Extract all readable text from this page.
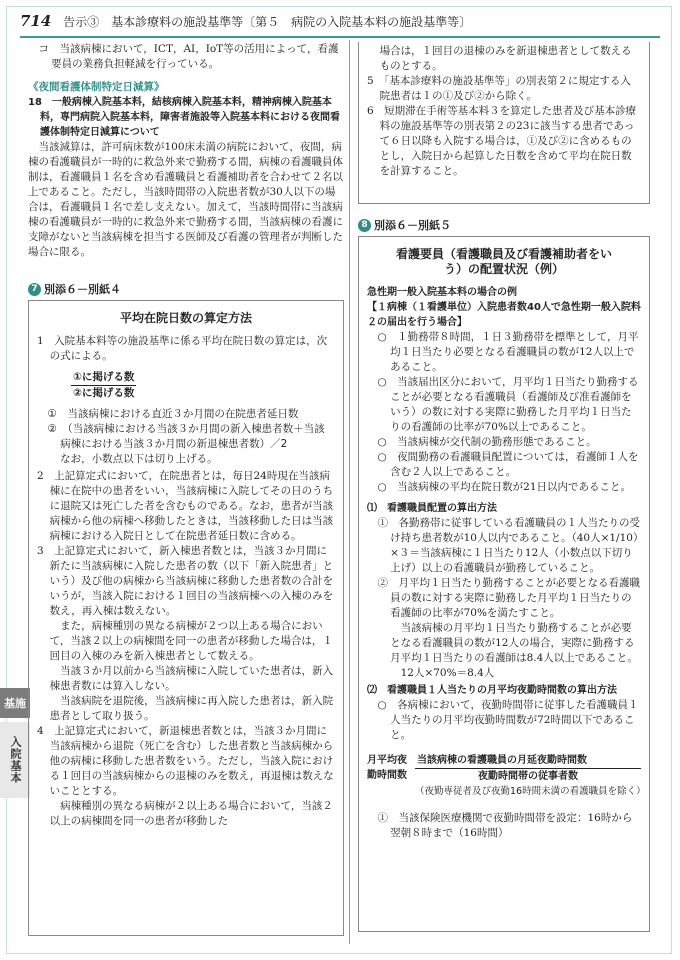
714 告示③　基本診療料の施設基準等〔第５　病院の入院基本料の施設基準等〕
基施
入院基本

コ　当該病棟において，ICT，AI，IoT等の活用によって，看護要員の業務負担軽減を行っている。

《夜間看護体制特定日減算》

18　一般病棟入院基本料，結核病棟入院基本料，精神病棟入院基本料，専門病院入院基本料，障害者施設等入院基本料における夜間看護体制特定日減算について

当該減算は，許可病床数が100床未満の病院において，夜間，病棟の看護職員が一時的に救急外来で勤務する間，病棟の看護職員体制は，看護職員１名を含め看護職員と看護補助者を合わせて２名以上であること。ただし，当該時間帯の入院患者数が30人以下の場合は，看護職員１名で差し支えない。加えて，当該時間帯に当該病棟の看護職員が一時的に救急外来で勤務する間，当該病棟の看護に支障がないと当該病棟を担当する医師及び看護の管理者が判断した場合に限る。

7 別添６－別紙４
平均在院日数の算定方法

1　入院基本料等の施設基準に係る平均在院日数の算定は，次の式による。

①に掲げる数
②に掲げる数

①　当該病棟における直近３か月間の在院患者延日数

②　（当該病棟における当該３か月間の新入棟患者数＋当該病棟における当該３か月間の新退棟患者数）／2

なお，小数点以下は切り上げる。

2　上記算定式において，在院患者とは，毎日24時現在当該病棟に在院中の患者をいい，当該病棟に入院してその日のうちに退院又は死亡した者を含むものである。なお，患者が当該病棟から他の病棟へ移動したときは，当該移動した日は当該病棟における入院日として在院患者延日数に含める。

3　上記算定式において，新入棟患者数とは，当該３か月間に新たに当該病棟に入院した患者の数（以下「新入院患者」という）及び他の病棟から当該病棟に移動した患者数の合計をいうが，当該入院における１回目の当該病棟への入棟のみを数え，再入棟は数えない。

また，病棟種別の異なる病棟が２つ以上ある場合において，当該２以上の病棟間を同一の患者が移動した場合は，１回目の入棟のみを新入棟患者として数える。

当該３か月以前から当該病棟に入院していた患者は，新入棟患者数には算入しない。

当該病院を退院後，当該病棟に再入院した患者は，新入院患者として取り扱う。

4　上記算定式において，新退棟患者数とは，当該３か月間に当該病棟から退院（死亡を含む）した患者数と当該病棟から他の病棟に移動した患者数をいう。ただし，当該入院における１回目の当該病棟からの退棟のみを数え，再退棟は数えないこととする。

病棟種別の異なる病棟が２以上ある場合において，当該２以上の病棟間を同一の患者が移動した

場合は，１回目の退棟のみを新退棟患者として数えるものとする。

5　「基本診療料の施設基準等」の別表第２に規定する入院患者は１の①及び②から除く。

6　短期滞在手術等基本料３を算定した患者及び基本診療料の施設基準等の別表第２の23に該当する患者であって６日以降も入院する場合は，①及び②に含めるものとし，入院日から起算した日数を含めて平均在院日数を計算すること。

8 別添６－別紙５
看護要員（看護職員及び看護補助者をいう）の配置状況（例）

急性期一般入院基本料の場合の例

【１病棟（１看護単位）入院患者数40人で急性期一般入院料２の届出を行う場合】

○　１勤務帯８時間，１日３勤務帯を標準として，月平均１日当たり必要となる看護職員の数が12人以上であること。

○　当該届出区分において，月平均１日当たり勤務することが必要となる看護職員（看護師及び准看護師をいう）の数に対する実際に勤務した月平均１日当たりの看護師の比率が70%以上であること。

○　当該病棟が交代制の勤務形態であること。

○　夜間勤務の看護職員配置については，看護師１人を含む２人以上であること。

○　当該病棟の平均在院日数が21日以内であること。

⑴　看護職員配置の算出方法

①　各勤務帯に従事している看護職員の１人当たりの受け持ち患者数が10人以内であること。（40人×1/10）×３＝当該病棟に１日当たり12人（小数点以下切り上げ）以上の看護職員が勤務していること。

②　月平均１日当たり勤務することが必要となる看護職員の数に対する実際に勤務した月平均１日当たりの看護師の比率が70%を満たすこと。

当該病棟の月平均１日当たり勤務することが必要となる看護職員の数が12人の場合，実際に勤務する月平均１日当たりの看護師は8.4人以上であること。

12人×70%＝8.4人

⑵　看護職員１人当たりの月平均夜勤時間数の算出方法

○　各病棟において，夜勤時間帯に従事した看護職員１人当たりの月平均夜勤時間数が72時間以下であること。

月平均夜
勤時間数
当該病棟の看護職員の月延夜勤時間数
夜勤時間帯の従事者数
（夜勤専従者及び夜勤16時間未満の看護職員を除く）

①　当該保険医療機関で夜勤時間帯を設定：16時から翌朝８時まで（16時間）
